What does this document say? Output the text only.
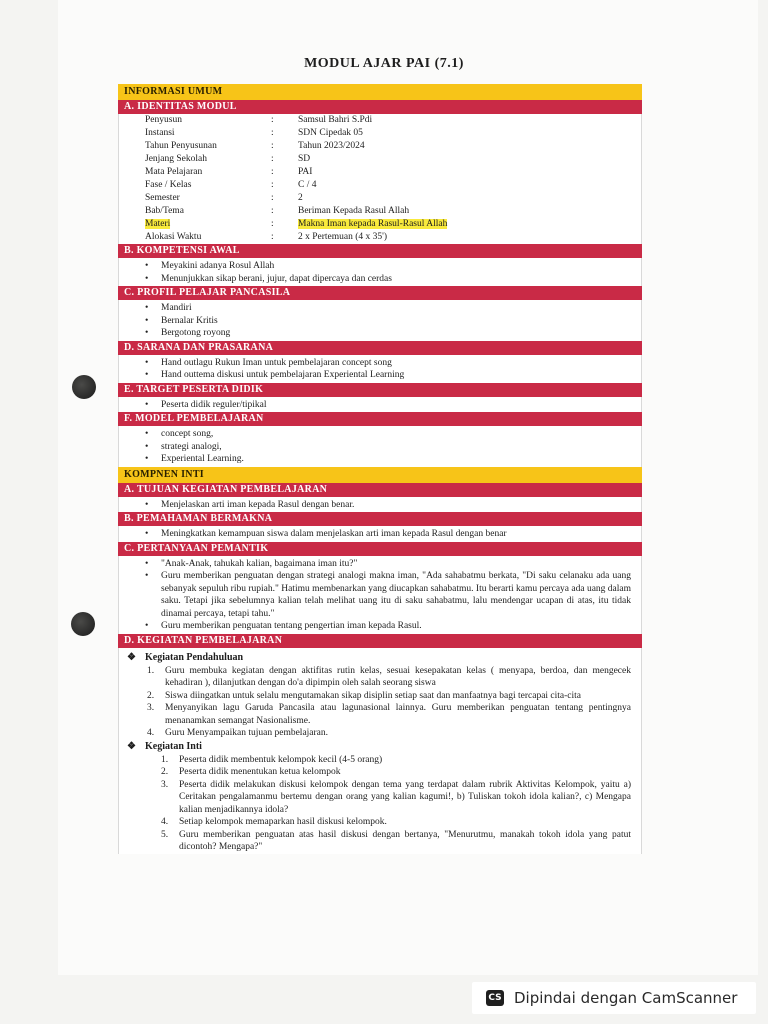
MODUL AJAR PAI (7.1)
INFORMASI UMUM
A. IDENTITAS MODUL
Penyusun	:	Samsul Bahri S.Pdi
Instansi	:	SDN Cipedak 05
Tahun Penyusunan	:	Tahun 2023/2024
Jenjang Sekolah	:	SD
Mata Pelajaran	:	PAI
Fase / Kelas	:	C / 4
Semester	:	2
Bab/Tema	:	Beriman Kepada Rasul Allah
Materi	:	Makna Iman kepada Rasul-Rasul Allah
Alokasi Waktu	:	2 x Pertemuan (4 x 35')
B. KOMPETENSI AWAL
• Meyakini adanya Rosul Allah
• Menunjukkan sikap berani, jujur, dapat dipercaya dan cerdas
C. PROFIL PELAJAR PANCASILA
• Mandiri
• Bernalar Kritis
• Bergotong royong
D. SARANA DAN PRASARANA
• Hand outlagu Rukun Iman untuk pembelajaran concept song
• Hand outtema diskusi untuk pembelajaran Experiental Learning
E. TARGET PESERTA DIDIK
• Peserta didik reguler/tipikal
F. MODEL PEMBELAJARAN
• concept song,
• strategi analogi,
• Experiental Learning.
KOMPNEN INTI
A. TUJUAN KEGIATAN PEMBELAJARAN
• Menjelaskan arti iman kepada Rasul dengan benar.
B. PEMAHAMAN BERMAKNA
• Meningkatkan kemampuan siswa dalam menjelaskan arti iman kepada Rasul dengan benar
C. PERTANYAAN PEMANTIK
• "Anak-Anak, tahukah kalian, bagaimana iman itu?"
• Guru memberikan penguatan dengan strategi analogi makna iman, "Ada sahabatmu berkata, "Di saku celanaku ada uang sebanyak sepuluh ribu rupiah." Hatimu membenarkan yang diucapkan sahabatmu. Itu berarti kamu percaya ada uang dalam saku. Tetapi jika sebelumnya kalian telah melihat uang itu di saku sahabatmu, lalu mendengar ucapan di atas, itu tidak dinamai percaya, tetapi tahu."
• Guru memberikan penguatan tentang pengertian iman kepada Rasul.
D. KEGIATAN PEMBELAJARAN
❖ Kegiatan Pendahuluan
1. Guru membuka kegiatan dengan aktifitas rutin kelas, sesuai kesepakatan kelas ( menyapa, berdoa, dan mengecek kehadiran ), dilanjutkan dengan do'a dipimpin oleh salah seorang siswa
2. Siswa diingatkan untuk selalu mengutamakan sikap disiplin setiap saat dan manfaatnya bagi tercapai cita-cita
3. Menyanyikan lagu Garuda Pancasila atau lagunasional lainnya. Guru memberikan penguatan tentang pentingnya menanamkan semangat Nasionalisme.
4. Guru Menyampaikan tujuan pembelajaran.
❖ Kegiatan Inti
1. Peserta didik membentuk kelompok kecil (4-5 orang)
2. Peserta didik menentukan ketua kelompok
3. Peserta didik melakukan diskusi kelompok dengan tema yang terdapat dalam rubrik Aktivitas Kelompok, yaitu a) Ceritakan pengalamanmu bertemu dengan orang yang kalian kagumi!, b) Tuliskan tokoh idola kalian?, c) Mengapa kalian menjadikannya idola?
4. Setiap kelompok memaparkan hasil diskusi kelompok.
5. Guru memberikan penguatan atas hasil diskusi dengan bertanya, "Menurutmu, manakah tokoh idola yang patut dicontoh? Mengapa?"
CS Dipindai dengan CamScanner
